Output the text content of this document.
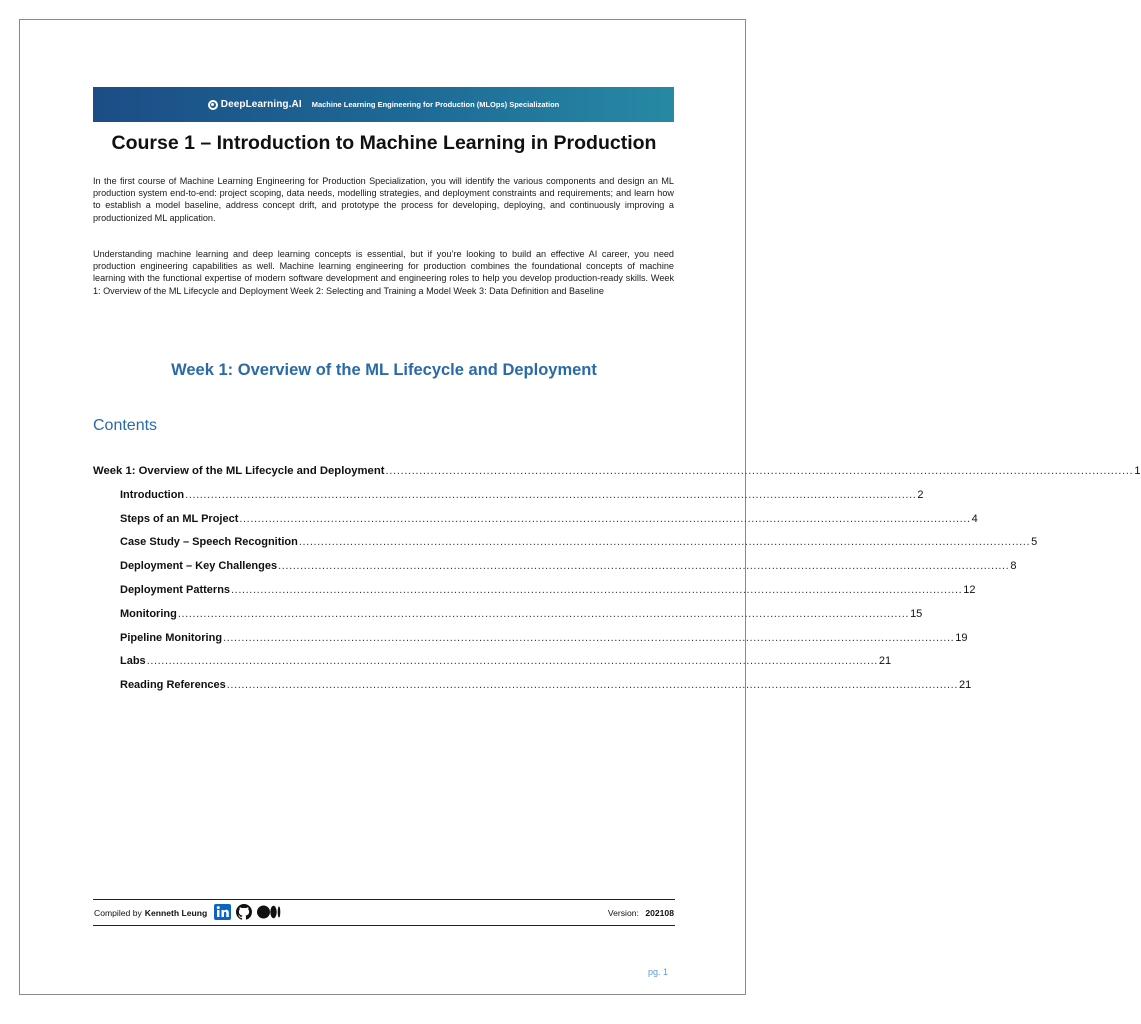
DeepLearning.AI Machine Learning Engineering for Production (MLOps) Specialization
Course 1 – Introduction to Machine Learning in Production

In the first course of Machine Learning Engineering for Production Specialization, you will identify the various components and design an ML production system end-to-end: project scoping, data needs, modelling strategies, and deployment constraints and requirements; and learn how to establish a model baseline, address concept drift, and prototype the process for developing, deploying, and continuously improving a productionized ML application.

Understanding machine learning and deep learning concepts is essential, but if you’re looking to build an effective AI career, you need production engineering capabilities as well. Machine learning engineering for production combines the foundational concepts of machine learning with the functional expertise of modern software development and engineering roles to help you develop production-ready skills. Week 1: Overview of the ML Lifecycle and Deployment Week 2: Selecting and Training a Model Week 3: Data Definition and Baseline

Week 1: Overview of the ML Lifecycle and Deployment
Contents
Week 1: Overview of the ML Lifecycle and Deployment ........................................................................................................................................................................................................ 1
Introduction ........................................................................................................................................................................................................ 2
Steps of an ML Project ........................................................................................................................................................................................................ 4
Case Study – Speech Recognition ........................................................................................................................................................................................................ 5
Deployment – Key Challenges ........................................................................................................................................................................................................ 8
Deployment Patterns ........................................................................................................................................................................................................ 12
Monitoring ........................................................................................................................................................................................................ 15
Pipeline Monitoring ........................................................................................................................................................................................................ 19
Labs ........................................................................................................................................................................................................ 21
Reading References ........................................................................................................................................................................................................ 21
Compiled by Kenneth Leung	Version: 202108
pg. 1
